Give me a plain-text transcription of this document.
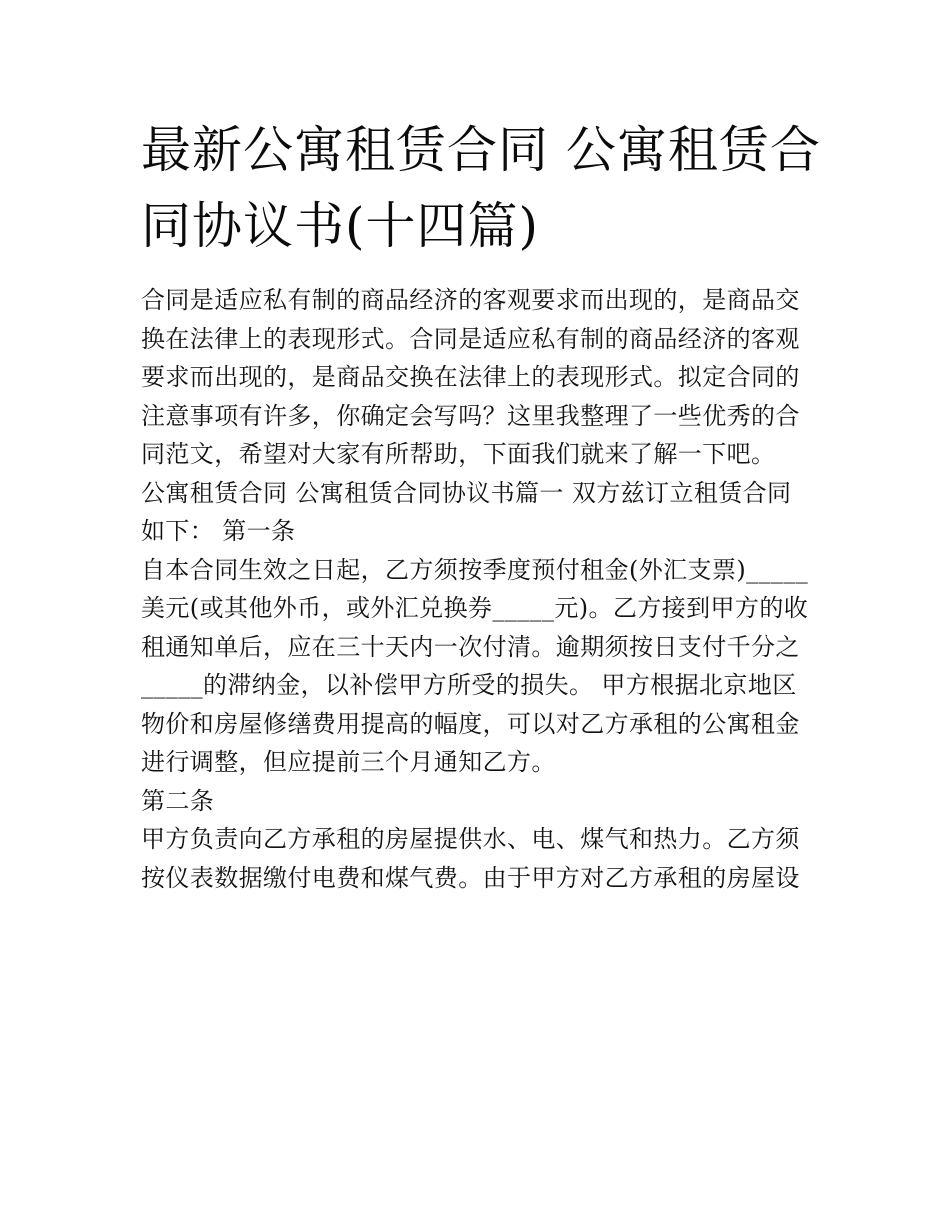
最新公寓租赁合同 公寓租赁合
同协议书(十四篇)
合同是适应私有制的商品经济的客观要求而出现的，是商品交
换在法律上的表现形式。合同是适应私有制的商品经济的客观
要求而出现的，是商品交换在法律上的表现形式。拟定合同的
注意事项有许多，你确定会写吗？这里我整理了一些优秀的合
同范文，希望对大家有所帮助，下面我们就来了解一下吧。
公寓租赁合同 公寓租赁合同协议书篇一 双方兹订立租赁合同
如下： 第一条
自本合同生效之日起，乙方须按季度预付租金(外汇支票)_____
美元(或其他外币，或外汇兑换券_____元)。乙方接到甲方的收
租通知单后，应在三十天内一次付清。逾期须按日支付千分之
_____的滞纳金，以补偿甲方所受的损失。 甲方根据北京地区
物价和房屋修缮费用提高的幅度，可以对乙方承租的公寓租金
进行调整，但应提前三个月通知乙方。
第二条
甲方负责向乙方承租的房屋提供水、电、煤气和热力。乙方须
按仪表数据缴付电费和煤气费。由于甲方对乙方承租的房屋设
